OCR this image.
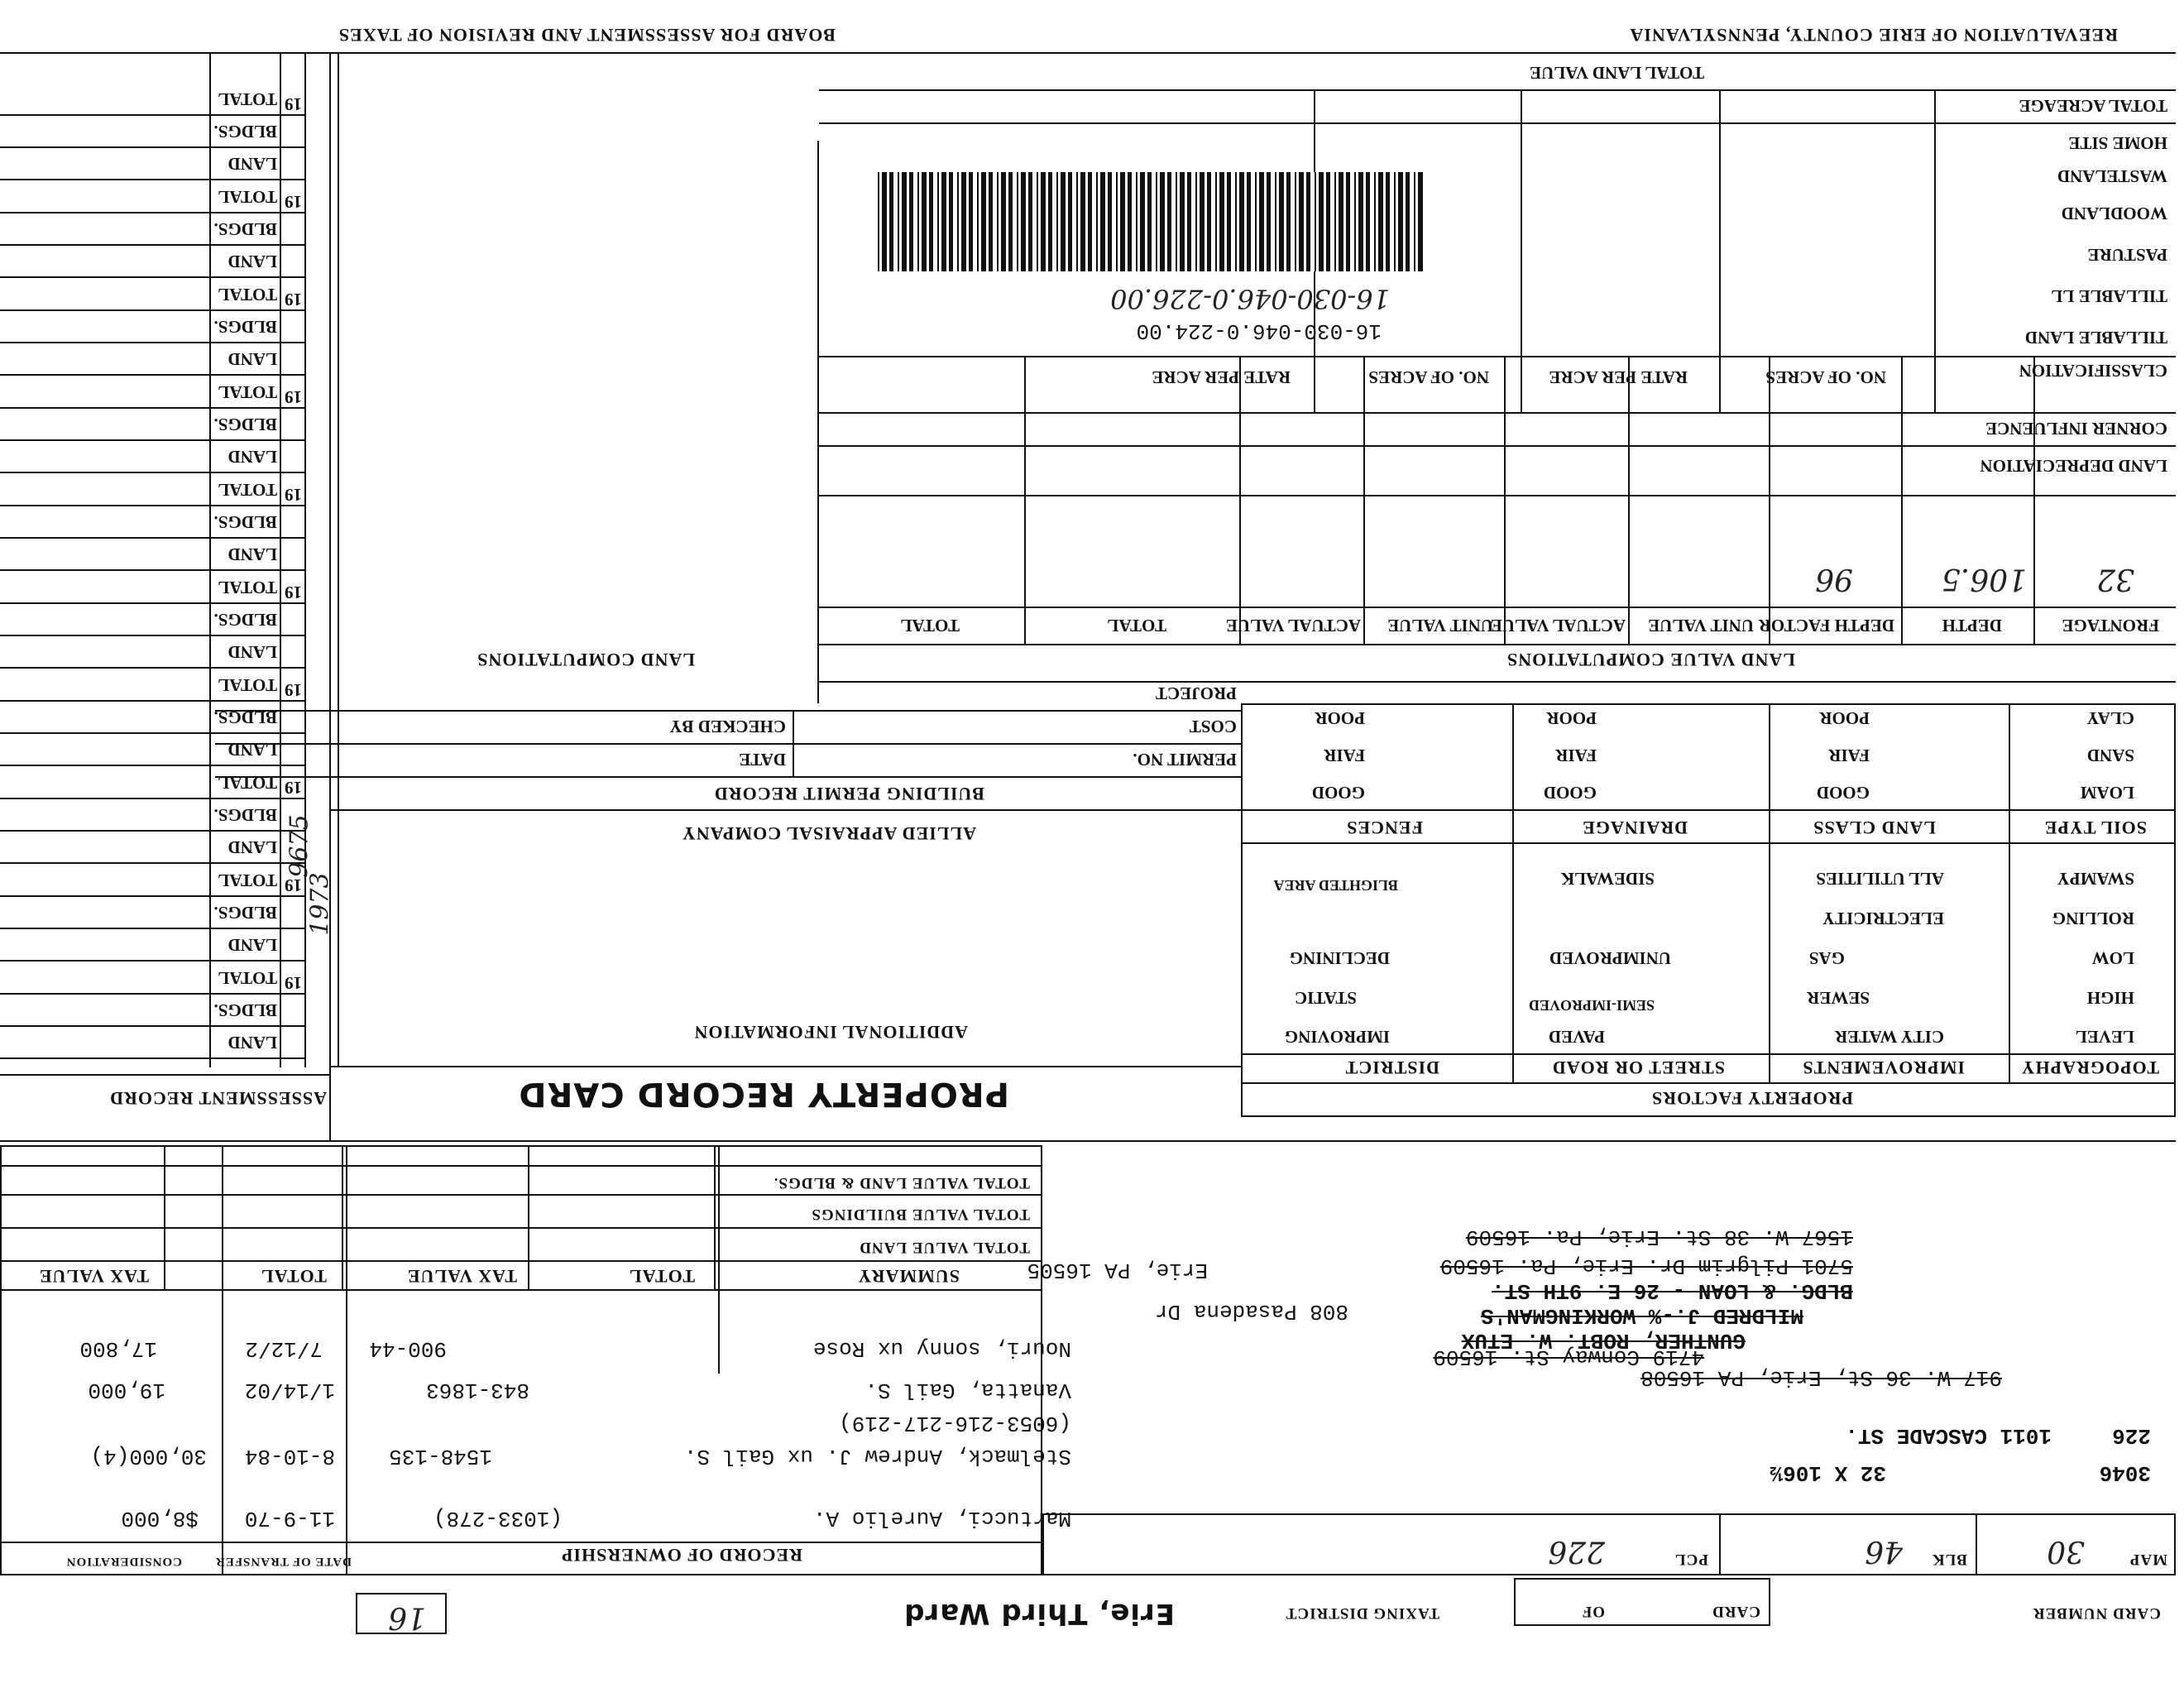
CARD NUMBER
CARD
OF
TAXING DISTRICT
Erie, Third Ward
16
MAP
30
BLK
46
PCL
226
RECORD OF OWNERSHIP
DATE OF TRANSFER
CONSIDERATION
Martucci, Aurelio A.
(1033-278)
11-9-70
$8,000
Stelmack, Andrew J. ux Gail S.
1548-135
8-10-84
30,000(4)
(6053-216-217-219)
Vanatta, Gail S.
843-1863
1/14/02
19,000
Nouri, sonny ux Rose
900-44
7/12/2
17,800
SUMMARY
TOTAL
TAX VALUE
TOTAL
TAX VALUE
TOTAL VALUE LAND
TOTAL VALUE BUILDINGS
TOTAL VALUE LAND & BLDGS.
3046
32 X 106½
226
1011 CASCADE ST.
917 W. 36 St, Erie, PA 16508
4719 Conway St. 16509
GUNTHER, ROBT. W. ETUX
MILDRED J.-% WORKINGMAN'S
808 Pasadena Dr
BLDG. & LOAN - 26 E. 9TH ST.
Erie, PA 16505	5701 Pilgrim Dr. Erie, Pa. 16509
1567 W. 38 St. Erie, Pa. 16509
PROPERTY FACTORS
TOPOGRAPHY
IMPROVEMENTS
STREET OR ROAD
DISTRICT
LEVEL
HIGH
LOW
ROLLING
SWAMPY
CITY WATER
SEWER
GAS
ELECTRICITY
ALL UTILITIES
PAVED
SEMI-IMPROVED
UNIMPROVED
SIDEWALK
IMPROVING
STATIC
DECLINING
BLIGHTED AREA
SOIL TYPE
LAND CLASS
DRAINAGE
FENCES
LOAM
SAND
CLAY
GOOD
FAIR
POOR
GOOD
FAIR
POOR
GOOD
FAIR
POOR
PROPERTY RECORD CARD
ADDITIONAL INFORMATION
ALLIED APPRAISAL COMPANY
BUILDING PERMIT RECORD
PERMIT NO.
COST
DATE
CHECKED BY
PROJECT
LAND VALUE COMPUTATIONS
LAND COMPUTATIONS
FRONTAGE
DEPTH
DEPTH FACTOR
UNIT VALUE
ACTUAL VALUE
UNIT VALUE
ACTUAL VALUE
TOTAL
TOTAL
32
106.5
96
LAND DEPRECIATION
CORNER INFLUENCE
CLASSIFICATION
NO. OF ACRES
RATE PER ACRE
NO. OF ACRES
RATE PER ACRE
TILLABLE LAND
TILLABLE LL
PASTURE
WOODLAND
WASTELAND
HOME SITE
16-030-046.0-224.00
16-030-046.0-226.00
TOTAL ACREAGE
TOTAL LAND VALUE
ASSESSMENT RECORD
LAND
BLDGS.
TOTAL 19
LAND
BLDGS.
TOTAL 19
LAND
BLDGS.
TOTAL 19
LAND
BLDGS.
TOTAL 19
LAND
BLDGS.
TOTAL 19
LAND
BLDGS.
TOTAL 19
LAND
BLDGS.
TOTAL 19
LAND
BLDGS.
TOTAL 19
LAND
BLDGS.
TOTAL 19
LAND
BLDGS.
TOTAL 19
1973
9675
REEVALUATION OF ERIE COUNTY, PENNSYLVANIA
BOARD FOR ASSESSMENT AND REVISION OF TAXES
